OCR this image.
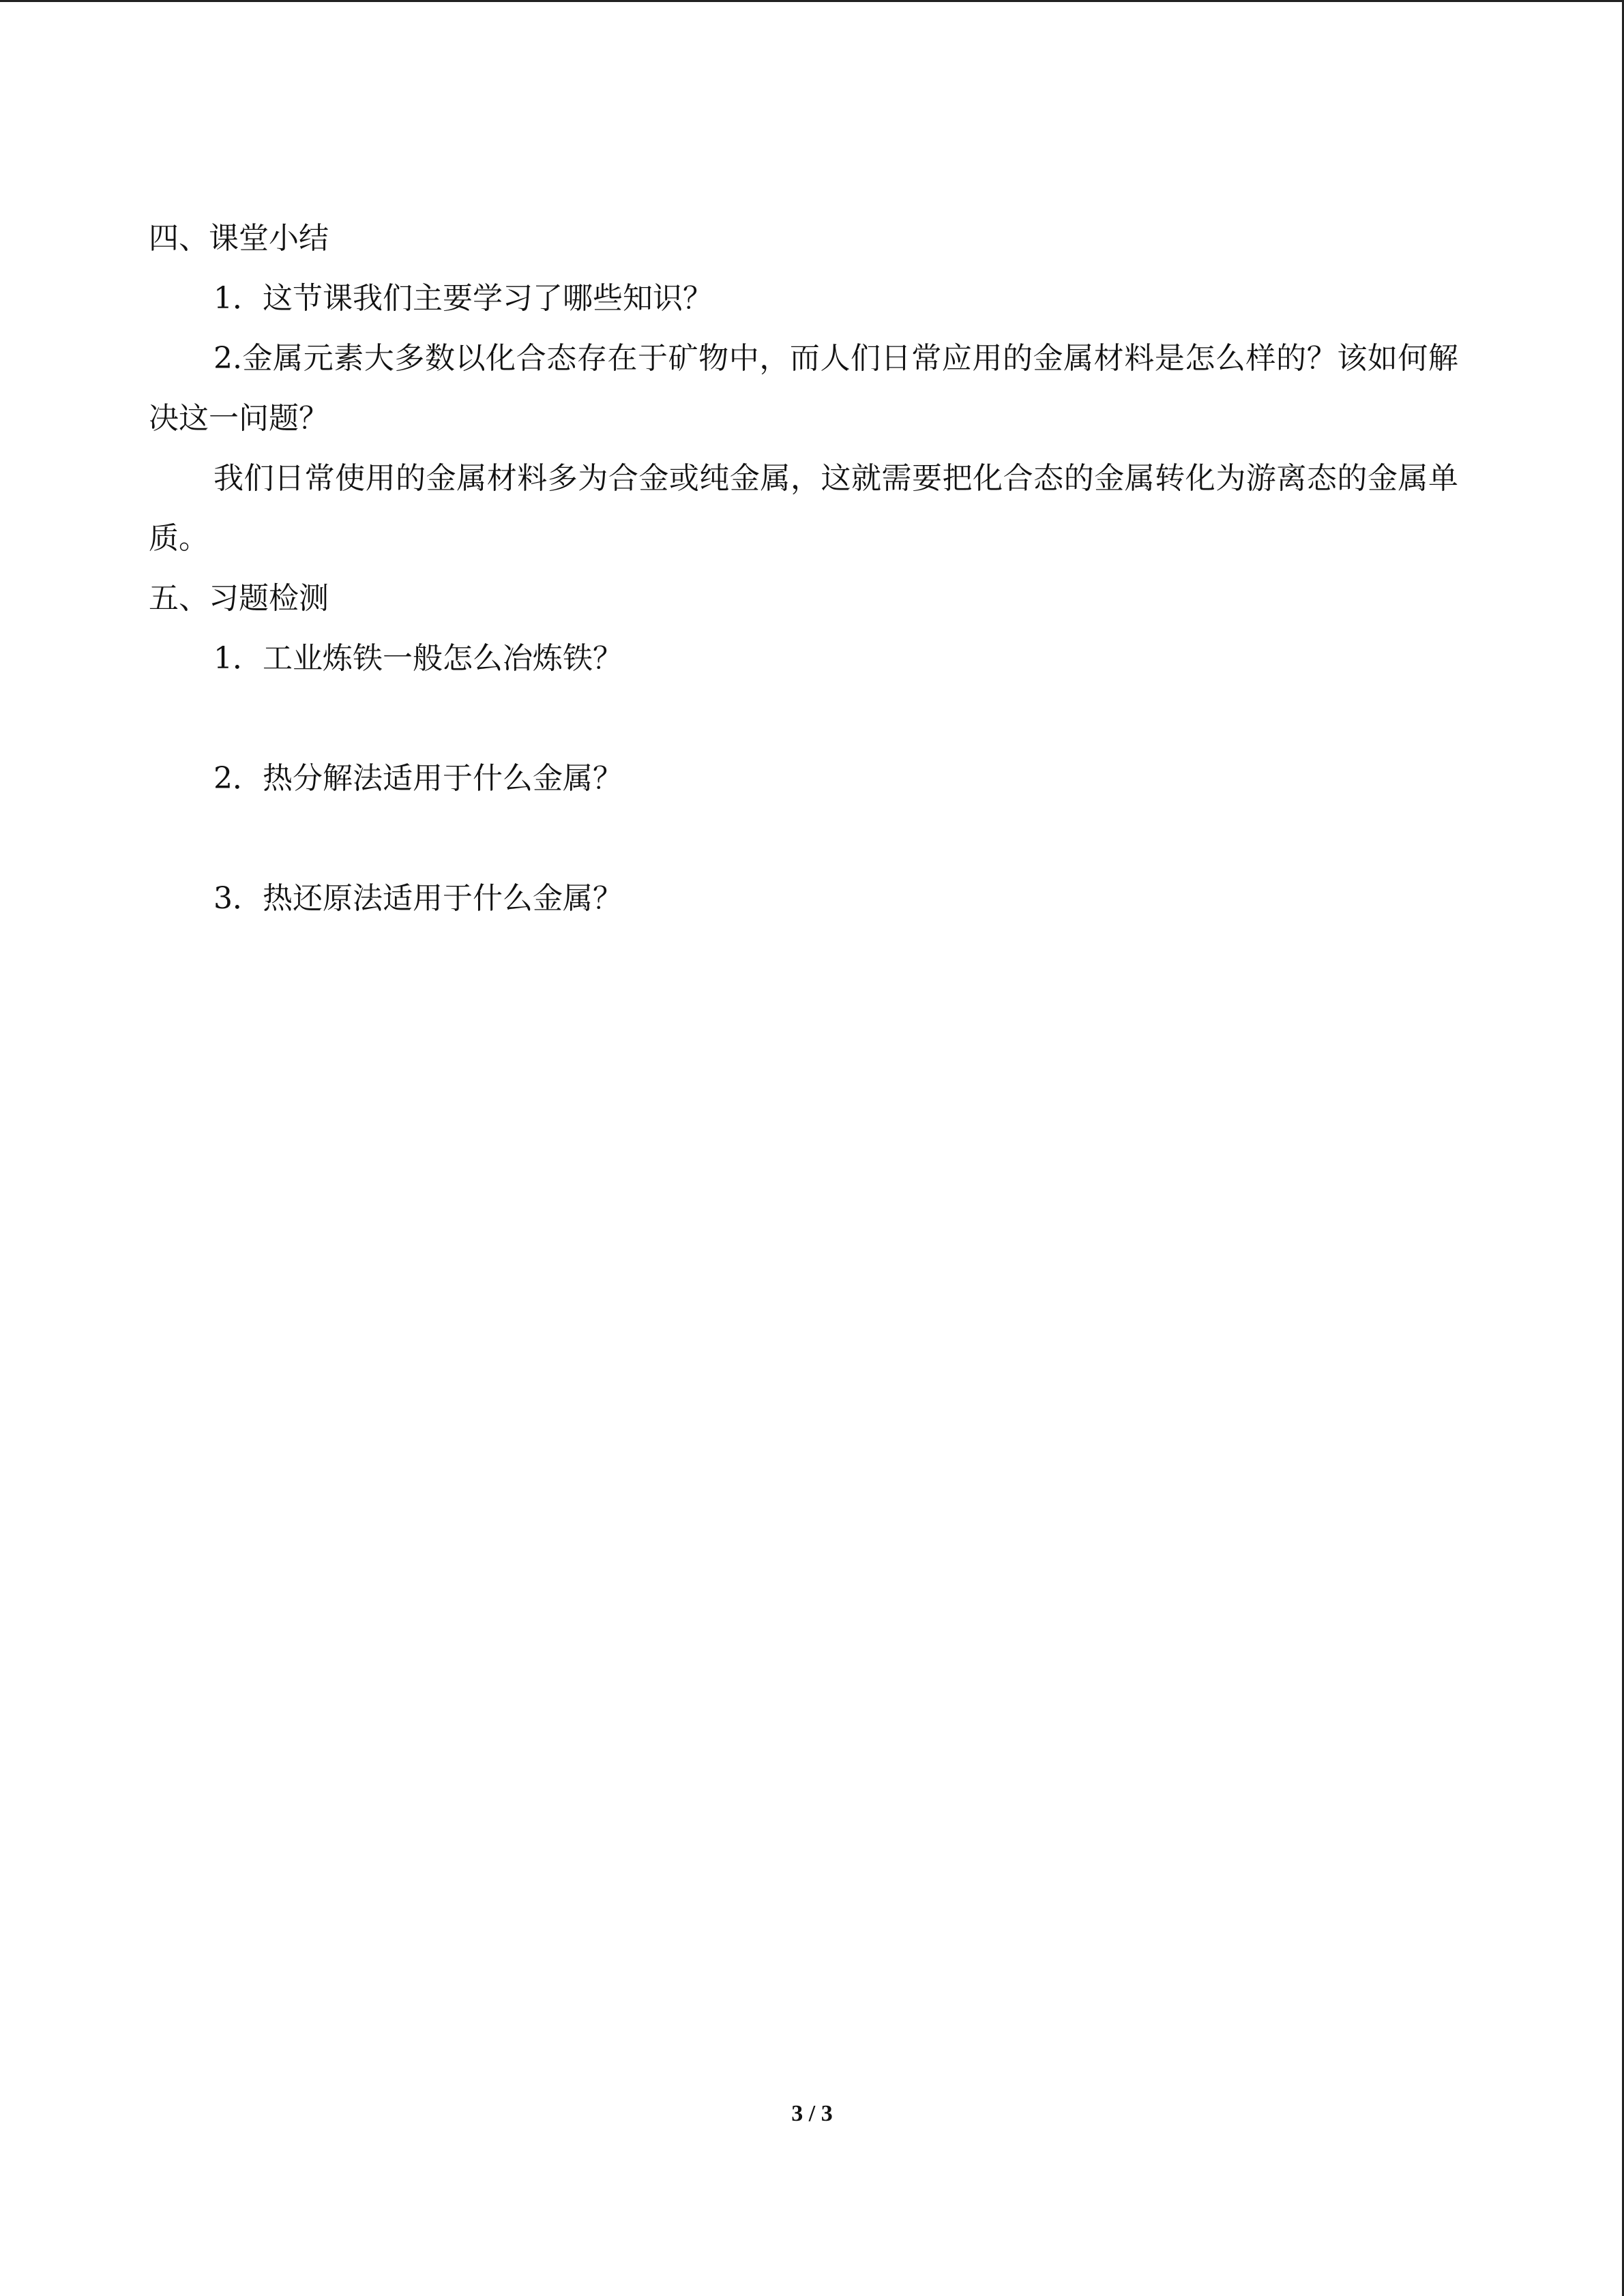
四、课堂小结
1．这节课我们主要学习了哪些知识？
2.金属元素大多数以化合态存在于矿物中，而人们日常应用的金属材料是怎么样的？该如何解决这一问题？
我们日常使用的金属材料多为合金或纯金属，这就需要把化合态的金属转化为游离态的金属单质。
五、习题检测
1．工业炼铁一般怎么冶炼铁？
2．热分解法适用于什么金属？
3．热还原法适用于什么金属？
3 / 3
